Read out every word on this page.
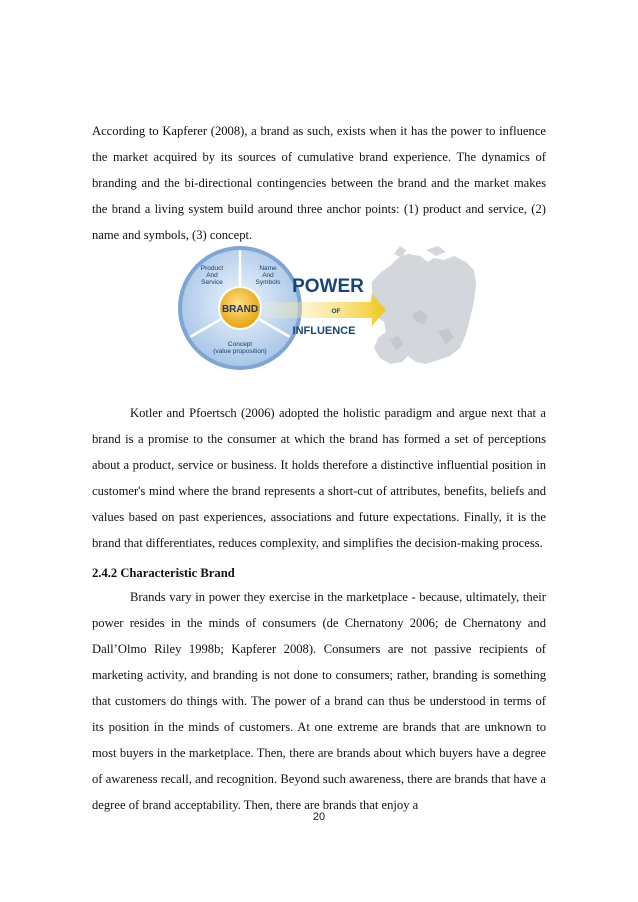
According to Kapferer (2008), a brand as such, exists when it has the power to influence the market acquired by its sources of cumulative brand experience. The dynamics of branding and the bi-directional contingencies between the brand and the market makes the brand a living system build around three anchor points: (1) product and service, (2) name and symbols, (3) concept.

Product
And
Service
Name
And
Symbols
Concept
(value proposition)
BRAND
POWER
OF
INFLUENCE

Kotler and Pfoertsch (2006) adopted the holistic paradigm and argue next that a brand is a promise to the consumer at which the brand has formed a set of perceptions about a product, service or business. It holds therefore a distinctive influential position in customer's mind where the brand represents a short-cut of attributes, benefits, beliefs and values based on past experiences, associations and future expectations. Finally, it is the brand that differentiates, reduces complexity, and simplifies the decision-making process.

2.4.2 Characteristic Brand

Brands vary in power they exercise in the marketplace - because, ultimately, their power resides in the minds of consumers (de Chernatony 2006; de Chernatony and Dall’Olmo Riley 1998b; Kapferer 2008). Consumers are not passive recipients of marketing activity, and branding is not done to consumers; rather, branding is something that customers do things with. The power of a brand can thus be understood in terms of its position in the minds of customers. At one extreme are brands that are unknown to most buyers in the marketplace. Then, there are brands about which buyers have a degree of awareness recall, and recognition. Beyond such awareness, there are brands that have a degree of brand acceptability. Then, there are brands that enjoy a

20
